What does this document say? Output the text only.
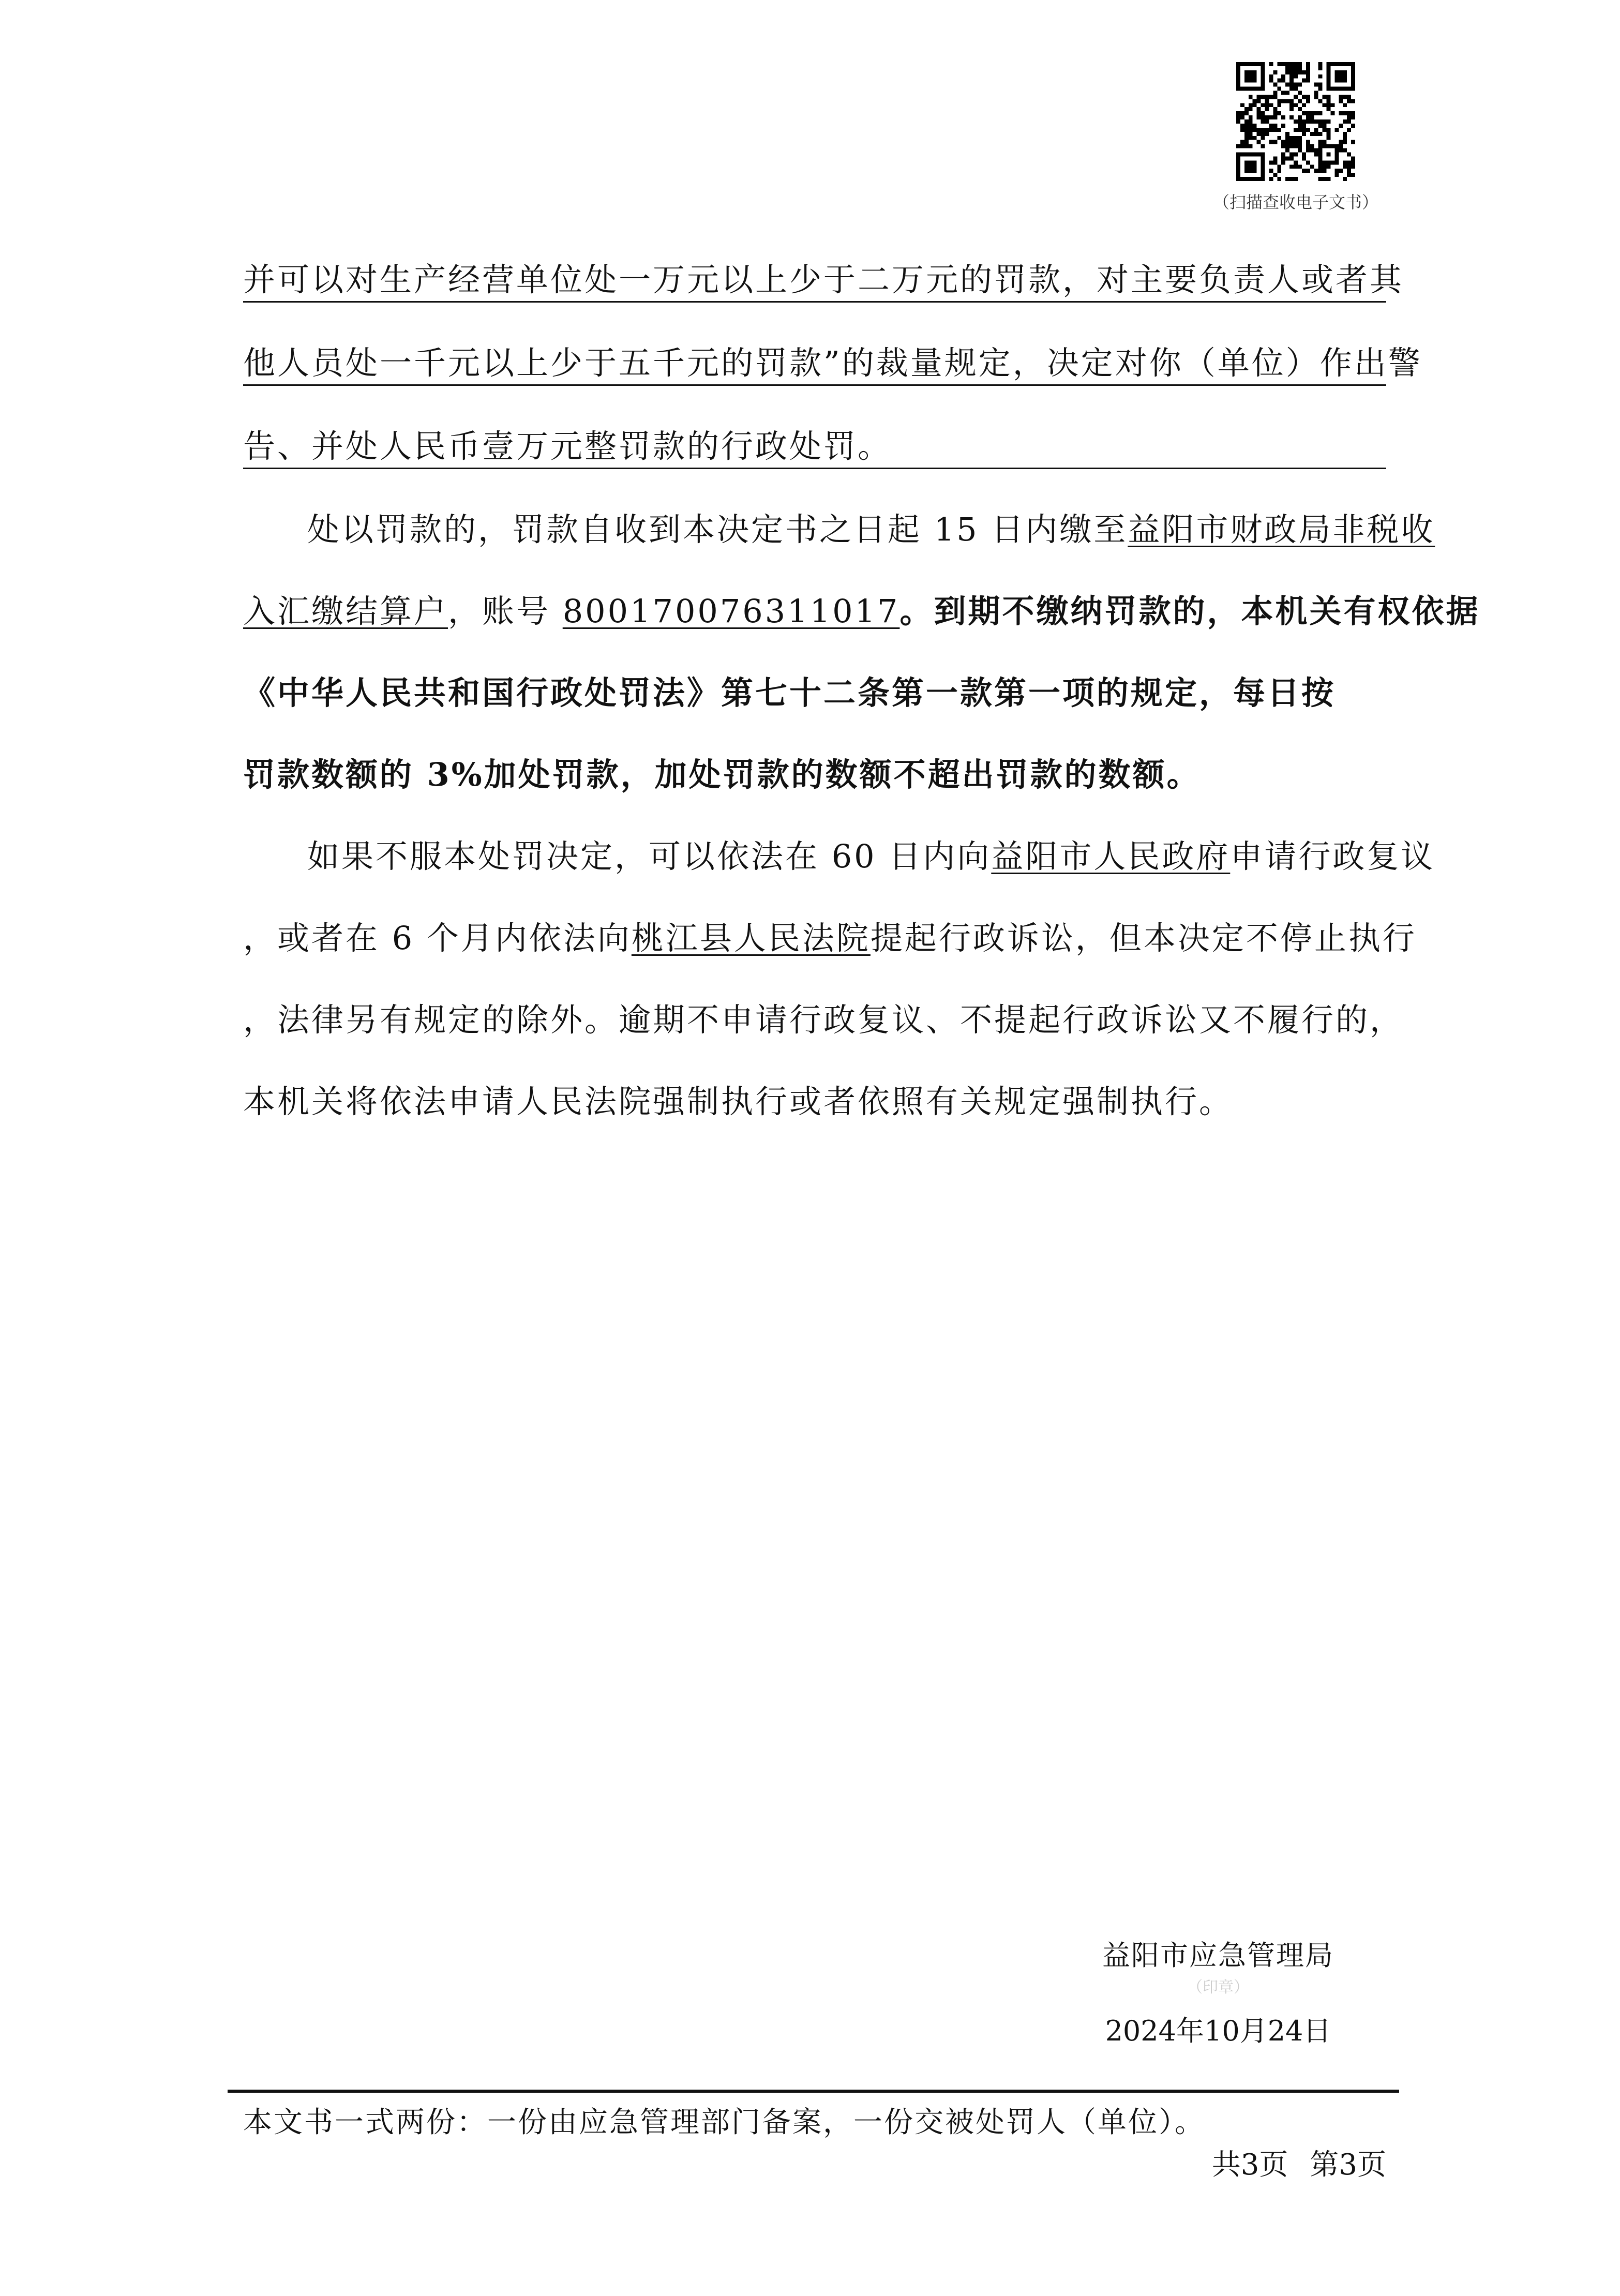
（扫描查收电子文书）
并可以对生产经营单位处一万元以上少于二万元的罚款，对主要负责人或者其
他人员处一千元以上少于五千元的罚款”的裁量规定，决定对你（单位）作出警
告、并处人民币壹万元整罚款的行政处罚。
处以罚款的，罚款自收到本决定书之日起 15 日内缴至益阳市财政局非税收
入汇缴结算户，账号 800170076311017。到期不缴纳罚款的，本机关有权依据
《中华人民共和国行政处罚法》第七十二条第一款第一项的规定，每日按
罚款数额的 3%加处罚款，加处罚款的数额不超出罚款的数额。
如果不服本处罚决定，可以依法在 60 日内向益阳市人民政府申请行政复议
，或者在 6 个月内依法向桃江县人民法院提起行政诉讼，但本决定不停止执行
，法律另有规定的除外。逾期不申请行政复议、不提起行政诉讼又不履行的，
本机关将依法申请人民法院强制执行或者依照有关规定强制执行。
益阳市应急管理局
（印章）
2024年10月24日
本文书一式两份：一份由应急管理部门备案，一份交被处罚人（单位）。
共3页 第3页
